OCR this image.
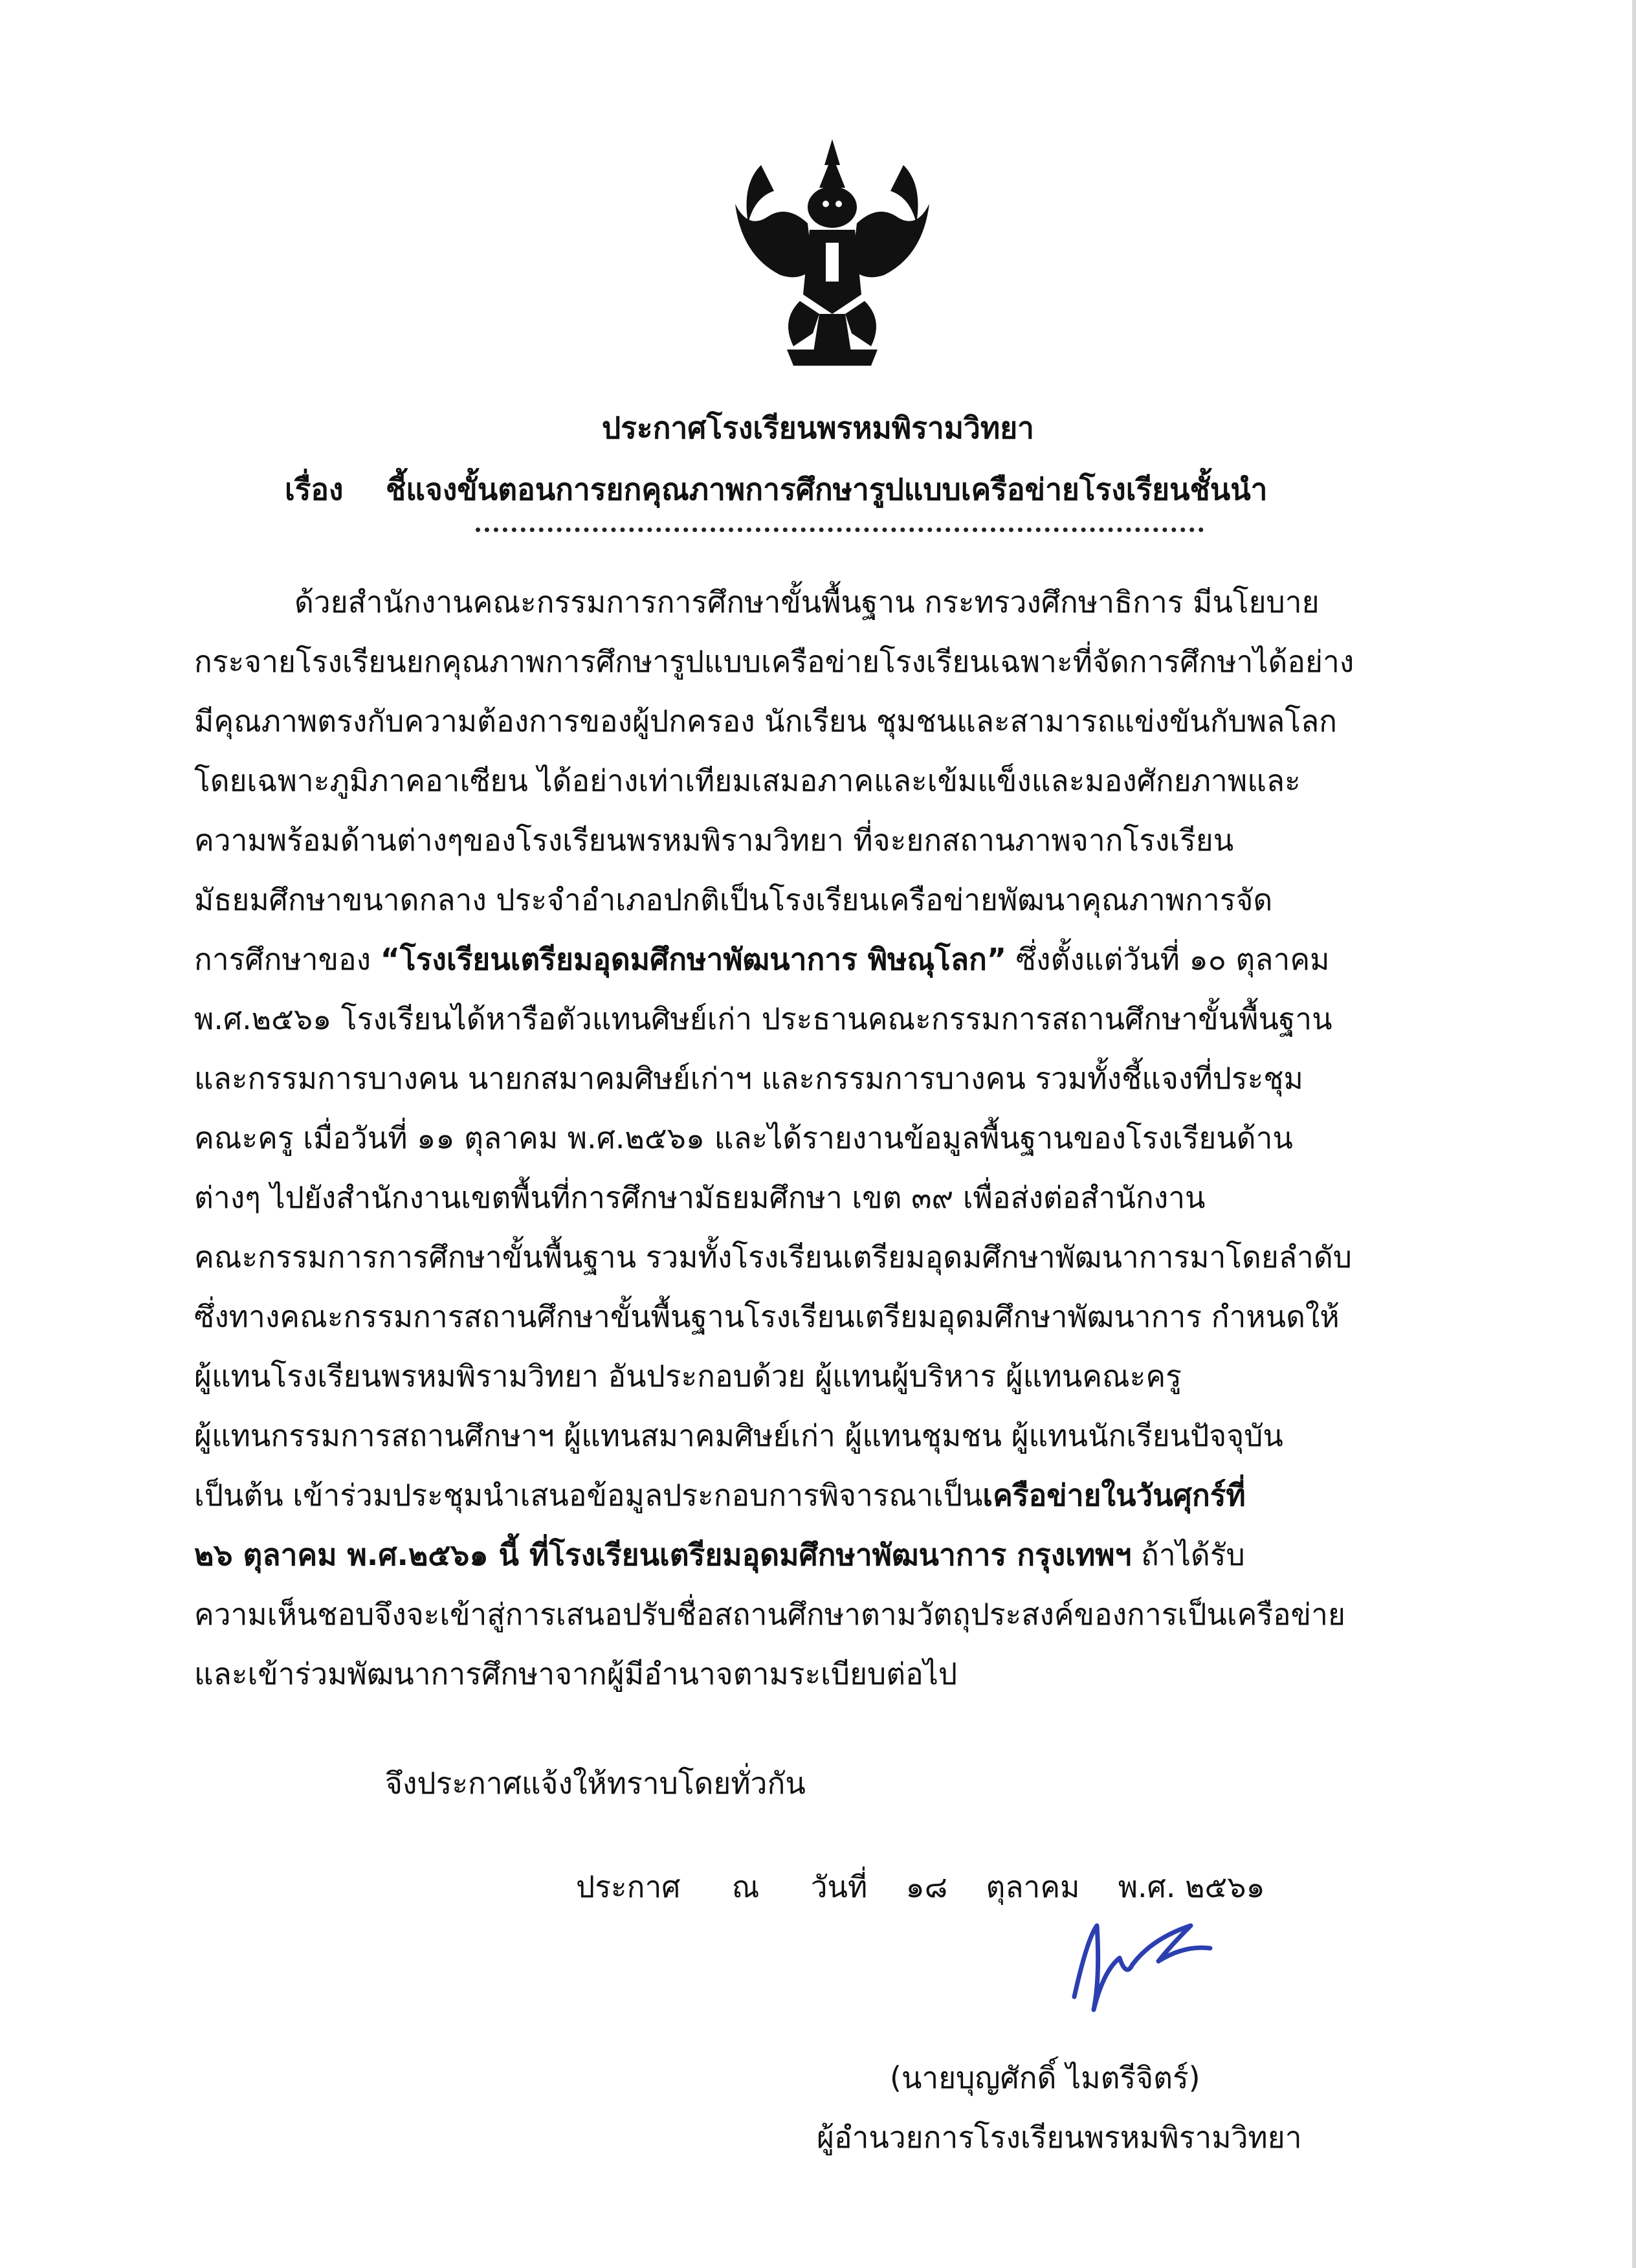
ประกาศโรงเรียนพรหมพิรามวิทยา
เรื่อง ชี้แจงขั้นตอนการยกคุณภาพการศึกษารูปแบบเครือข่ายโรงเรียนชั้นนำ
ด้วยสำนักงานคณะกรรมการการศึกษาขั้นพื้นฐาน กระทรวงศึกษาธิการ มีนโยบาย
กระจายโรงเรียนยกคุณภาพการศึกษารูปแบบเครือข่ายโรงเรียนเฉพาะที่จัดการศึกษาได้อย่าง
มีคุณภาพตรงกับความต้องการของผู้ปกครอง นักเรียน ชุมชนและสามารถแข่งขันกับพลโลก
โดยเฉพาะภูมิภาคอาเซียน ได้อย่างเท่าเทียมเสมอภาคและเข้มแข็งและมองศักยภาพและ
ความพร้อมด้านต่างๆของโรงเรียนพรหมพิรามวิทยา ที่จะยกสถานภาพจากโรงเรียน
มัธยมศึกษาขนาดกลาง ประจำอำเภอปกติเป็นโรงเรียนเครือข่ายพัฒนาคุณภาพการจัด
การศึกษาของ “โรงเรียนเตรียมอุดมศึกษาพัฒนาการ พิษณุโลก” ซึ่งตั้งแต่วันที่ ๑๐ ตุลาคม
พ.ศ.๒๕๖๑ โรงเรียนได้หารือตัวแทนศิษย์เก่า ประธานคณะกรรมการสถานศึกษาขั้นพื้นฐาน
และกรรมการบางคน นายกสมาคมศิษย์เก่าฯ และกรรมการบางคน รวมทั้งชี้แจงที่ประชุม
คณะครู เมื่อวันที่ ๑๑ ตุลาคม พ.ศ.๒๕๖๑ และได้รายงานข้อมูลพื้นฐานของโรงเรียนด้าน
ต่างๆ ไปยังสำนักงานเขตพื้นที่การศึกษามัธยมศึกษา เขต ๓๙ เพื่อส่งต่อสำนักงาน
คณะกรรมการการศึกษาขั้นพื้นฐาน รวมทั้งโรงเรียนเตรียมอุดมศึกษาพัฒนาการมาโดยลำดับ
ซึ่งทางคณะกรรมการสถานศึกษาขั้นพื้นฐานโรงเรียนเตรียมอุดมศึกษาพัฒนาการ กำหนดให้
ผู้แทนโรงเรียนพรหมพิรามวิทยา อันประกอบด้วย ผู้แทนผู้บริหาร ผู้แทนคณะครู
ผู้แทนกรรมการสถานศึกษาฯ ผู้แทนสมาคมศิษย์เก่า ผู้แทนชุมชน ผู้แทนนักเรียนปัจจุบัน
เป็นต้น เข้าร่วมประชุมนำเสนอข้อมูลประกอบการพิจารณาเป็นเครือข่ายในวันศุกร์ที่
๒๖ ตุลาคม พ.ศ.๒๕๖๑ นี้ ที่โรงเรียนเตรียมอุดมศึกษาพัฒนาการ กรุงเทพฯ ถ้าได้รับ
ความเห็นชอบจึงจะเข้าสู่การเสนอปรับชื่อสถานศึกษาตามวัตถุประสงค์ของการเป็นเครือข่าย
และเข้าร่วมพัฒนาการศึกษาจากผู้มีอำนาจตามระเบียบต่อไป
จึงประกาศแจ้งให้ทราบโดยทั่วกัน
ประกาศ ณ วันที่ ๑๘ ตุลาคม พ.ศ. ๒๕๖๑
(นายบุญศักดิ์ ไมตรีจิตร์)
ผู้อำนวยการโรงเรียนพรหมพิรามวิทยา
